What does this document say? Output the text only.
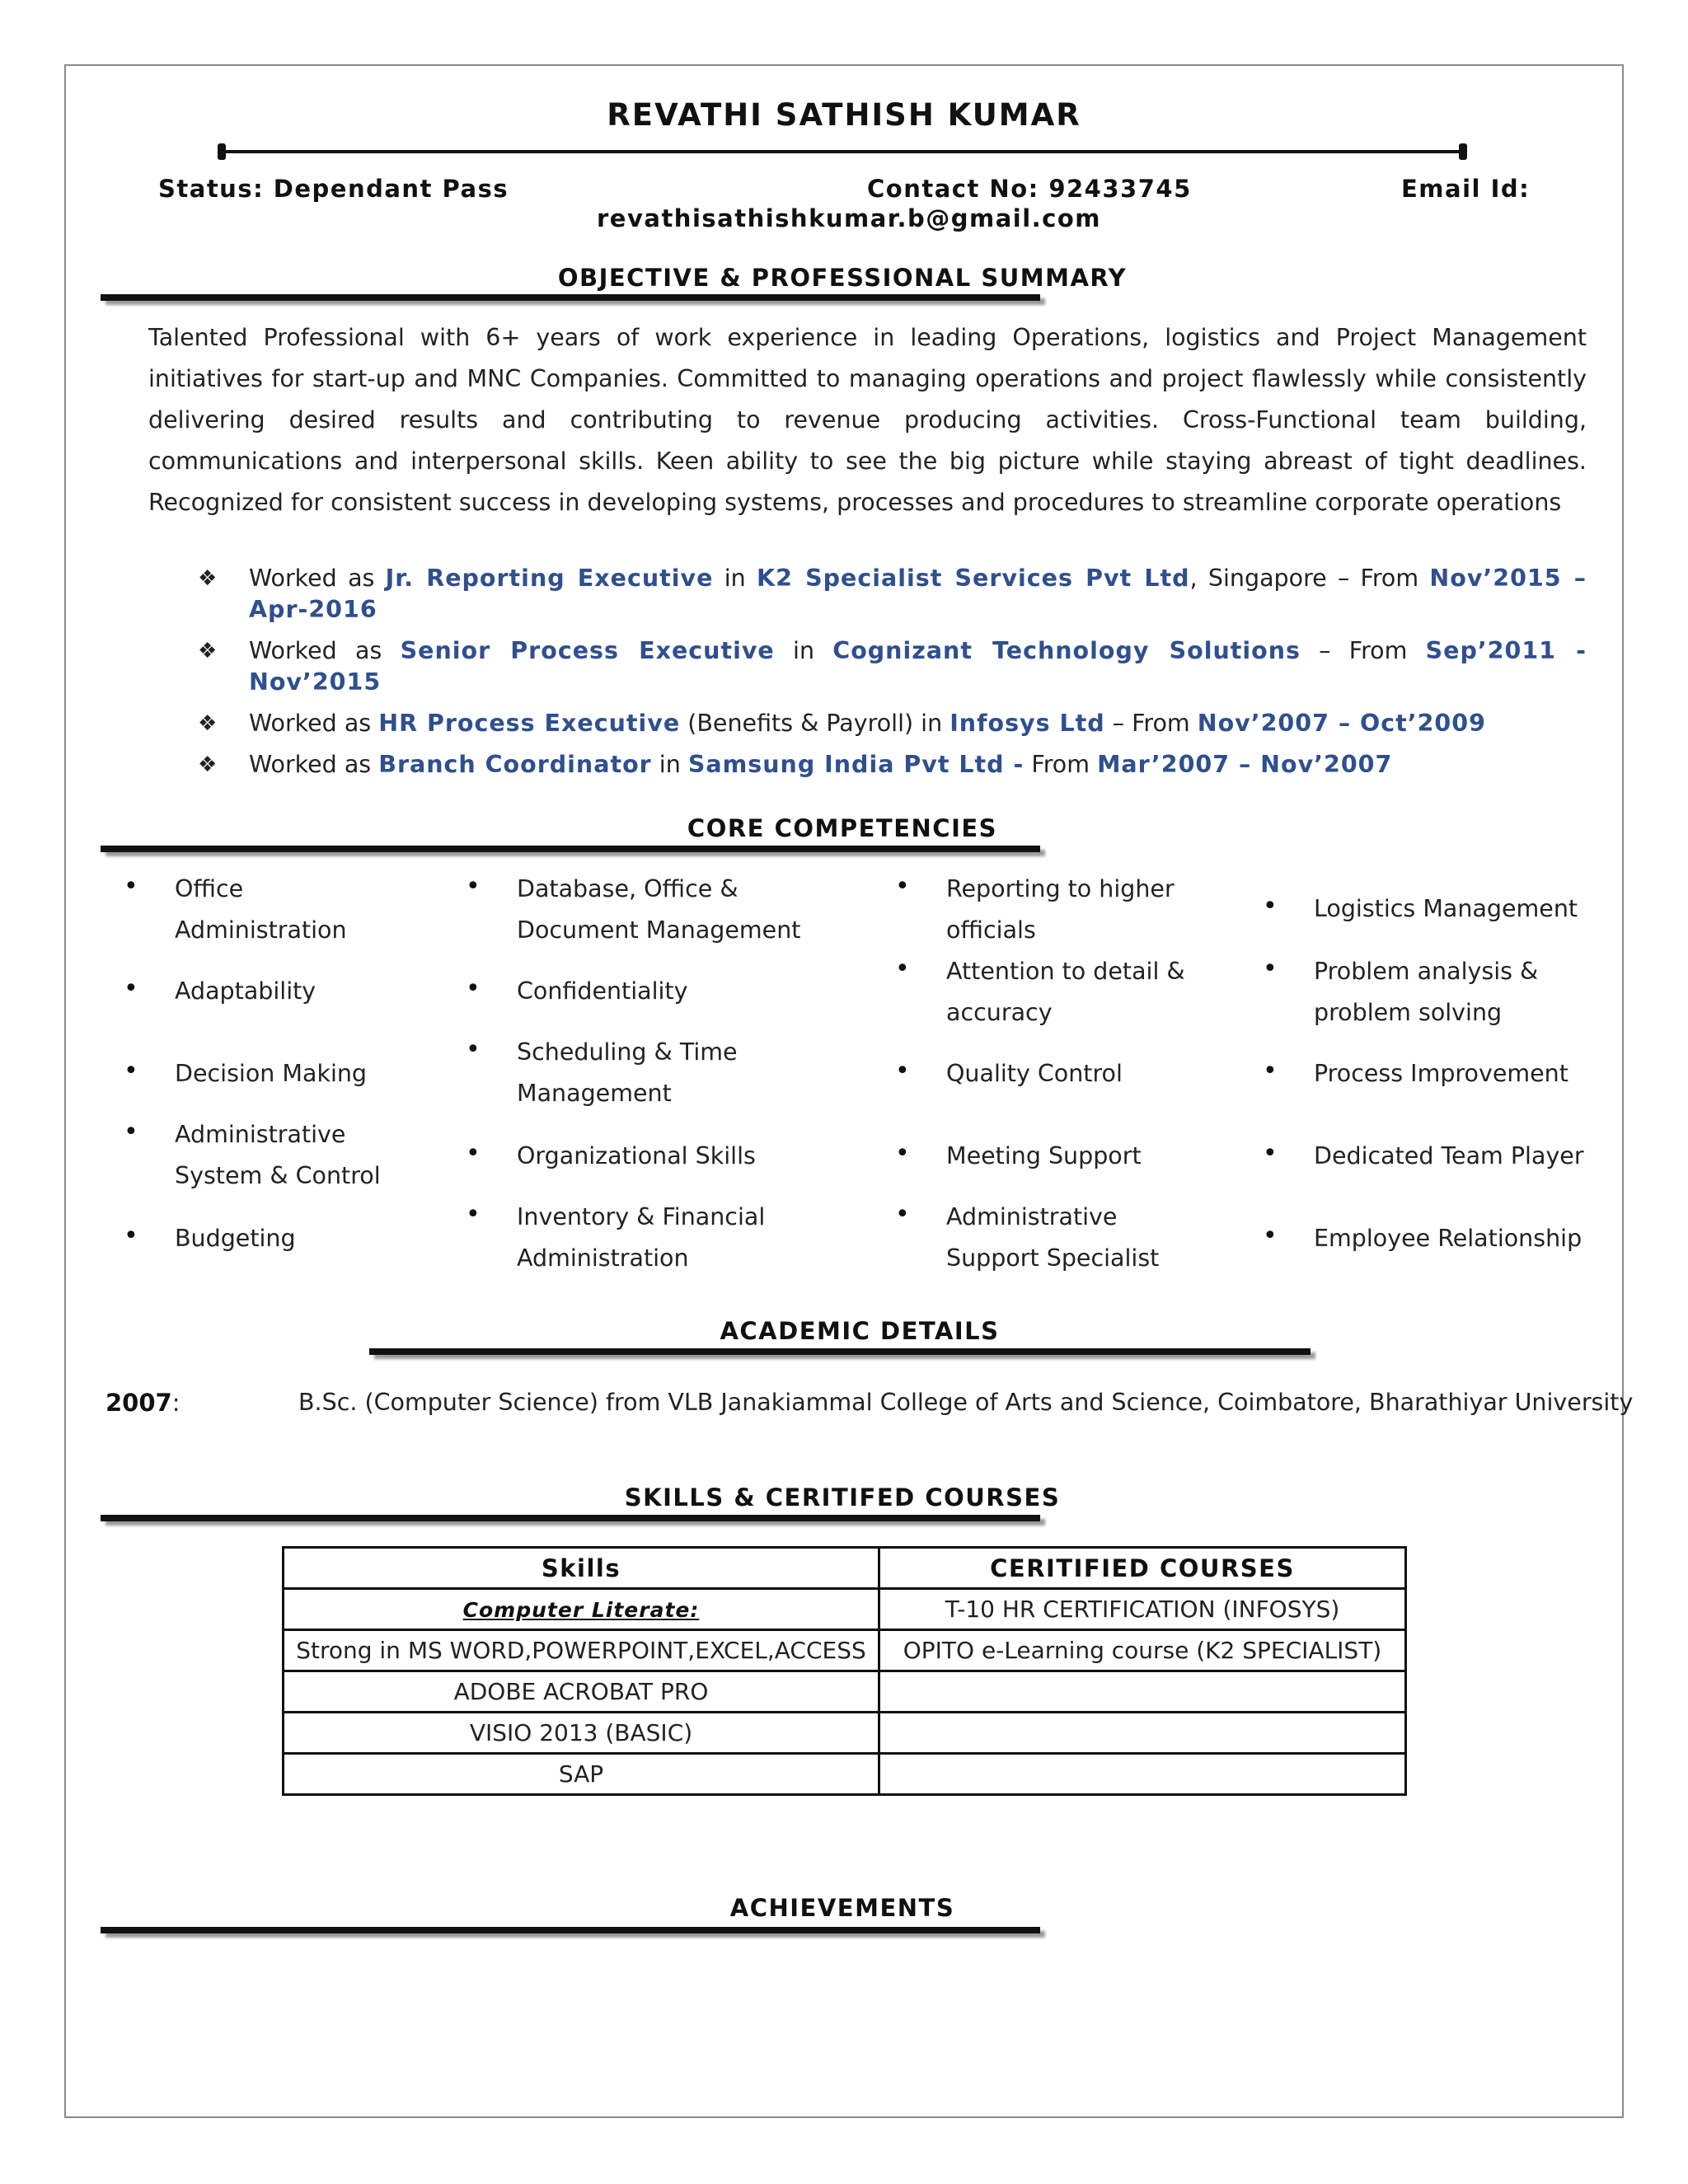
REVATHI SATHISH KUMAR
Status: Dependant Pass	Contact No: 92433745	Email Id:
revathisathishkumar.b@gmail.com
OBJECTIVE & PROFESSIONAL SUMMARY
Talented Professional with 6+ years of work experience in leading Operations, logistics and Project Management initiatives for start-up and MNC Companies. Committed to managing operations and project flawlessly while consistently delivering desired results and contributing to revenue producing activities. Cross-Functional team building, communications and interpersonal skills. Keen ability to see the big picture while staying abreast of tight deadlines. Recognized for consistent success in developing systems, processes and procedures to streamline corporate operations
❖ Worked as Jr. Reporting Executive in K2 Specialist Services Pvt Ltd, Singapore – From Nov’2015 – Apr-2016
❖ Worked as Senior Process Executive in Cognizant Technology Solutions – From Sep’2011 - Nov’2015
❖ Worked as HR Process Executive (Benefits & Payroll) in Infosys Ltd – From Nov’2007 – Oct’2009
❖ Worked as Branch Coordinator in Samsung India Pvt Ltd - From Mar’2007 – Nov’2007
CORE COMPETENCIES
• Office Administration
• Adaptability
• Decision Making
• Administrative System & Control
• Budgeting
• Database, Office & Document Management
• Confidentiality
• Scheduling & Time Management
• Organizational Skills
• Inventory & Financial Administration
• Reporting to higher officials
• Attention to detail & accuracy
• Quality Control
• Meeting Support
• Administrative Support Specialist
• Logistics Management
• Problem analysis & problem solving
• Process Improvement
• Dedicated Team Player
• Employee Relationship
ACADEMIC DETAILS
2007:	B.Sc. (Computer Science) from VLB Janakiammal College of Arts and Science, Coimbatore, Bharathiyar University
SKILLS & CERITIFED COURSES
Skills	CERITIFIED COURSES
Computer Literate:	T-10 HR CERTIFICATION (INFOSYS)
Strong in MS WORD,POWERPOINT,EXCEL,ACCESS	OPITO e-Learning course (K2 SPECIALIST)
ADOBE ACROBAT PRO	
VISIO 2013 (BASIC)	
SAP	
ACHIEVEMENTS
